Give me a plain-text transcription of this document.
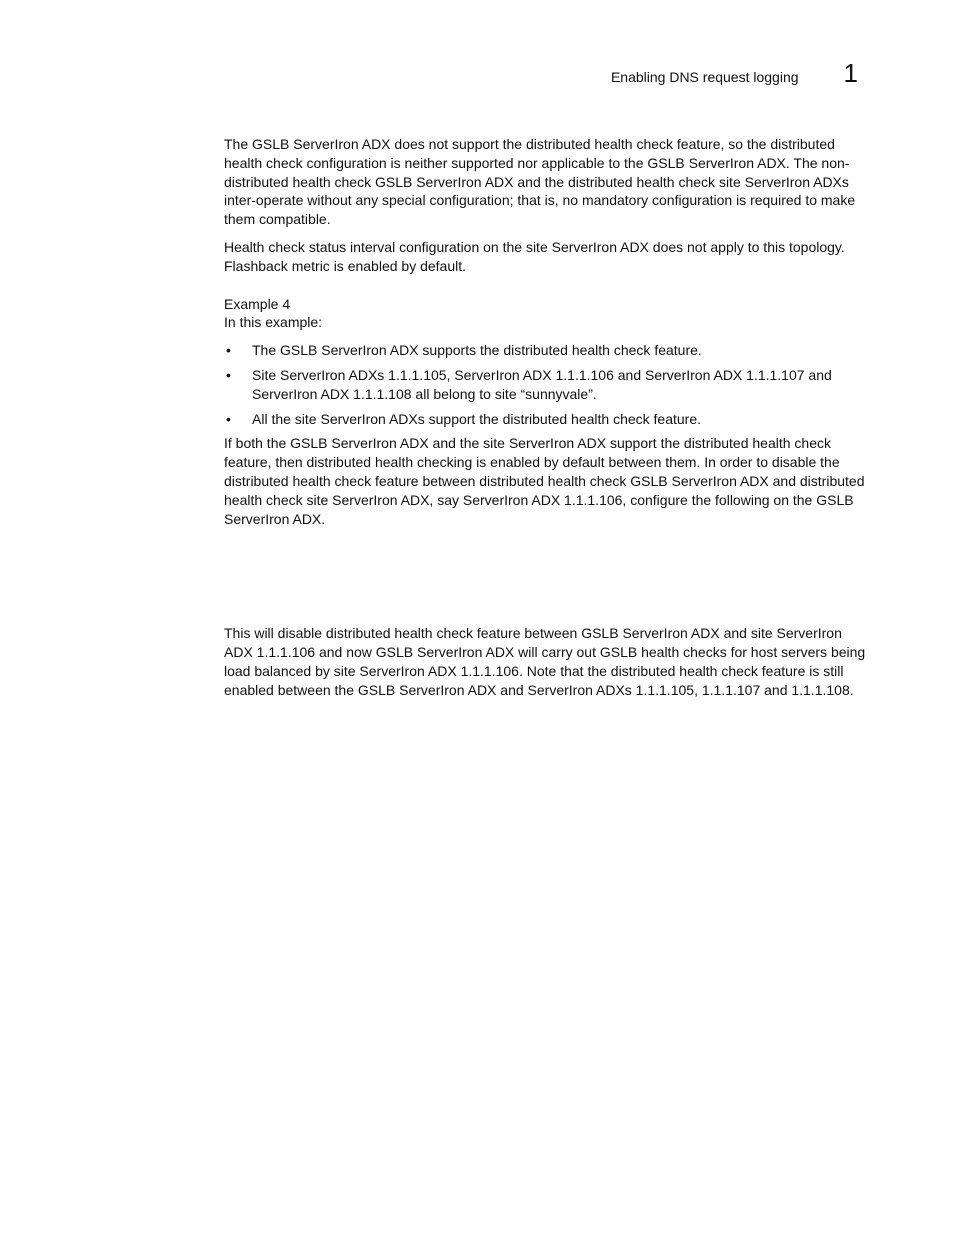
Enabling DNS request logging 1

The GSLB ServerIron ADX does not support the distributed health check feature, so the distributed health check configuration is neither supported nor applicable to the GSLB ServerIron ADX. The non-distributed health check GSLB ServerIron ADX and the distributed health check site ServerIron ADXs inter-operate without any special configuration; that is, no mandatory configuration is required to make them compatible.

Health check status interval configuration on the site ServerIron ADX does not apply to this topology. Flashback metric is enabled by default.

Example 4
In this example:
• The GSLB ServerIron ADX supports the distributed health check feature.
• Site ServerIron ADXs 1.1.1.105, ServerIron ADX 1.1.1.106 and ServerIron ADX 1.1.1.107 and ServerIron ADX 1.1.1.108 all belong to site “sunnyvale”.
• All the site ServerIron ADXs support the distributed health check feature.

If both the GSLB ServerIron ADX and the site ServerIron ADX support the distributed health check feature, then distributed health checking is enabled by default between them. In order to disable the distributed health check feature between distributed health check GSLB ServerIron ADX and distributed health check site ServerIron ADX, say ServerIron ADX 1.1.1.106, configure the following on the GSLB ServerIron ADX.

This will disable distributed health check feature between GSLB ServerIron ADX and site ServerIron ADX 1.1.1.106 and now GSLB ServerIron ADX will carry out GSLB health checks for host servers being load balanced by site ServerIron ADX 1.1.1.106. Note that the distributed health check feature is still enabled between the GSLB ServerIron ADX and ServerIron ADXs 1.1.1.105, 1.1.1.107 and 1.1.1.108.
